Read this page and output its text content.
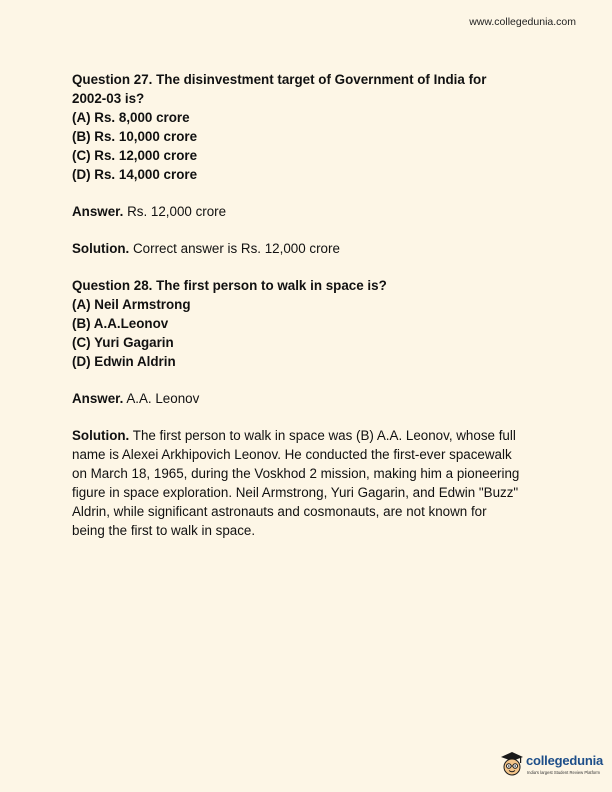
www.collegedunia.com
Question 27. The disinvestment target of Government of India for
2002-03 is?
(A) Rs. 8,000 crore
(B) Rs. 10,000 crore
(C) Rs. 12,000 crore
(D) Rs. 14,000 crore
Answer. Rs. 12,000 crore
Solution. Correct answer is Rs. 12,000 crore
Question 28. The first person to walk in space is?
(A) Neil Armstrong
(B) A.A.Leonov
(C) Yuri Gagarin
(D) Edwin Aldrin
Answer. A.A. Leonov
Solution. The first person to walk in space was (B) A.A. Leonov, whose full
name is Alexei Arkhipovich Leonov. He conducted the first-ever spacewalk
on March 18, 1965, during the Voskhod 2 mission, making him a pioneering
figure in space exploration. Neil Armstrong, Yuri Gagarin, and Edwin "Buzz"
Aldrin, while significant astronauts and cosmonauts, are not known for
being the first to walk in space.
collegedunia
India's largest Student Review Platform
